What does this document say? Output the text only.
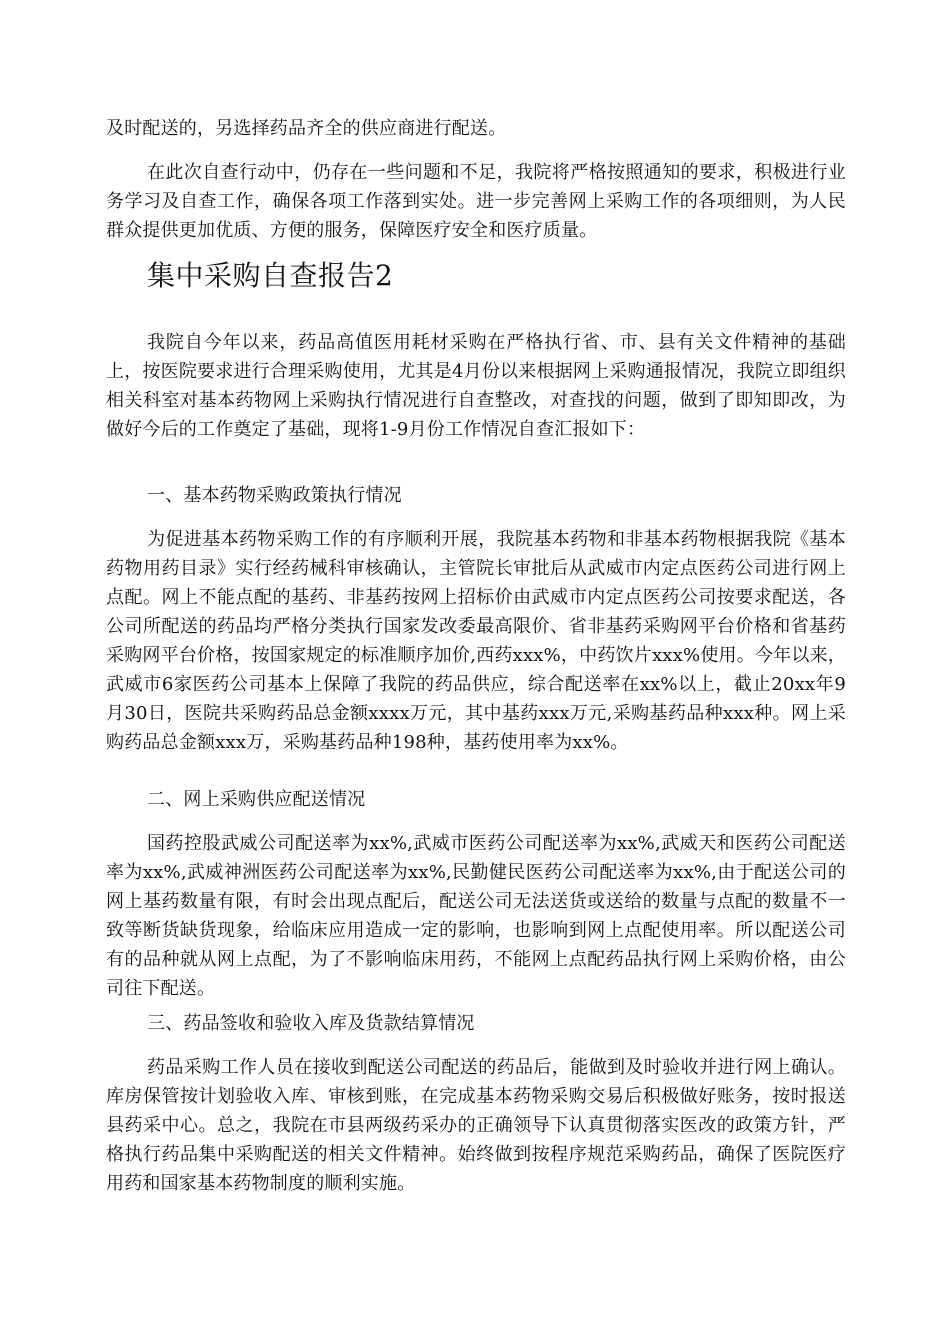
及时配送的，另选择药品齐全的供应商进行配送。

在此次自查行动中，仍存在一些问题和不足，我院将严格按照通知的要求，积极进行业务学习及自查工作，确保各项工作落到实处。进一步完善网上采购工作的各项细则，为人民群众提供更加优质、方便的服务，保障医疗安全和医疗质量。

集中采购自查报告2

我院自今年以来，药品高值医用耗材采购在严格执行省、市、县有关文件精神的基础上，按医院要求进行合理采购使用，尤其是4月份以来根据网上采购通报情况，我院立即组织相关科室对基本药物网上采购执行情况进行自查整改，对查找的问题，做到了即知即改，为做好今后的工作奠定了基础，现将1-9月份工作情况自查汇报如下：

一、基本药物采购政策执行情况

为促进基本药物采购工作的有序顺利开展，我院基本药物和非基本药物根据我院《基本药物用药目录》实行经药械科审核确认，主管院长审批后从武威市内定点医药公司进行网上点配。网上不能点配的基药、非基药按网上招标价由武威市内定点医药公司按要求配送，各公司所配送的药品均严格分类执行国家发改委最高限价、省非基药采购网平台价格和省基药采购网平台价格，按国家规定的标准顺序加价,西药xxx%，中药饮片xxx%使用。今年以来，武威市6家医药公司基本上保障了我院的药品供应，综合配送率在xx%以上，截止20xx年9月30日，医院共采购药品总金额xxxx万元，其中基药xxx万元,采购基药品种xxx种。网上采购药品总金额xxx万，采购基药品种198种，基药使用率为xx%。

二、网上采购供应配送情况

国药控股武威公司配送率为xx%,武威市医药公司配送率为xx%,武威天和医药公司配送率为xx%,武威神洲医药公司配送率为xx%,民勤健民医药公司配送率为xx%,由于配送公司的网上基药数量有限，有时会出现点配后，配送公司无法送货或送给的数量与点配的数量不一致等断货缺货现象，给临床应用造成一定的影响，也影响到网上点配使用率。所以配送公司有的品种就从网上点配，为了不影响临床用药，不能网上点配药品执行网上采购价格，由公司往下配送。

三、药品签收和验收入库及货款结算情况

药品采购工作人员在接收到配送公司配送的药品后，能做到及时验收并进行网上确认。库房保管按计划验收入库、审核到账，在完成基本药物采购交易后积极做好账务，按时报送县药采中心。总之，我院在市县两级药采办的正确领导下认真贯彻落实医改的政策方针，严格执行药品集中采购配送的相关文件精神。始终做到按程序规范采购药品，确保了医院医疗用药和国家基本药物制度的顺利实施。
